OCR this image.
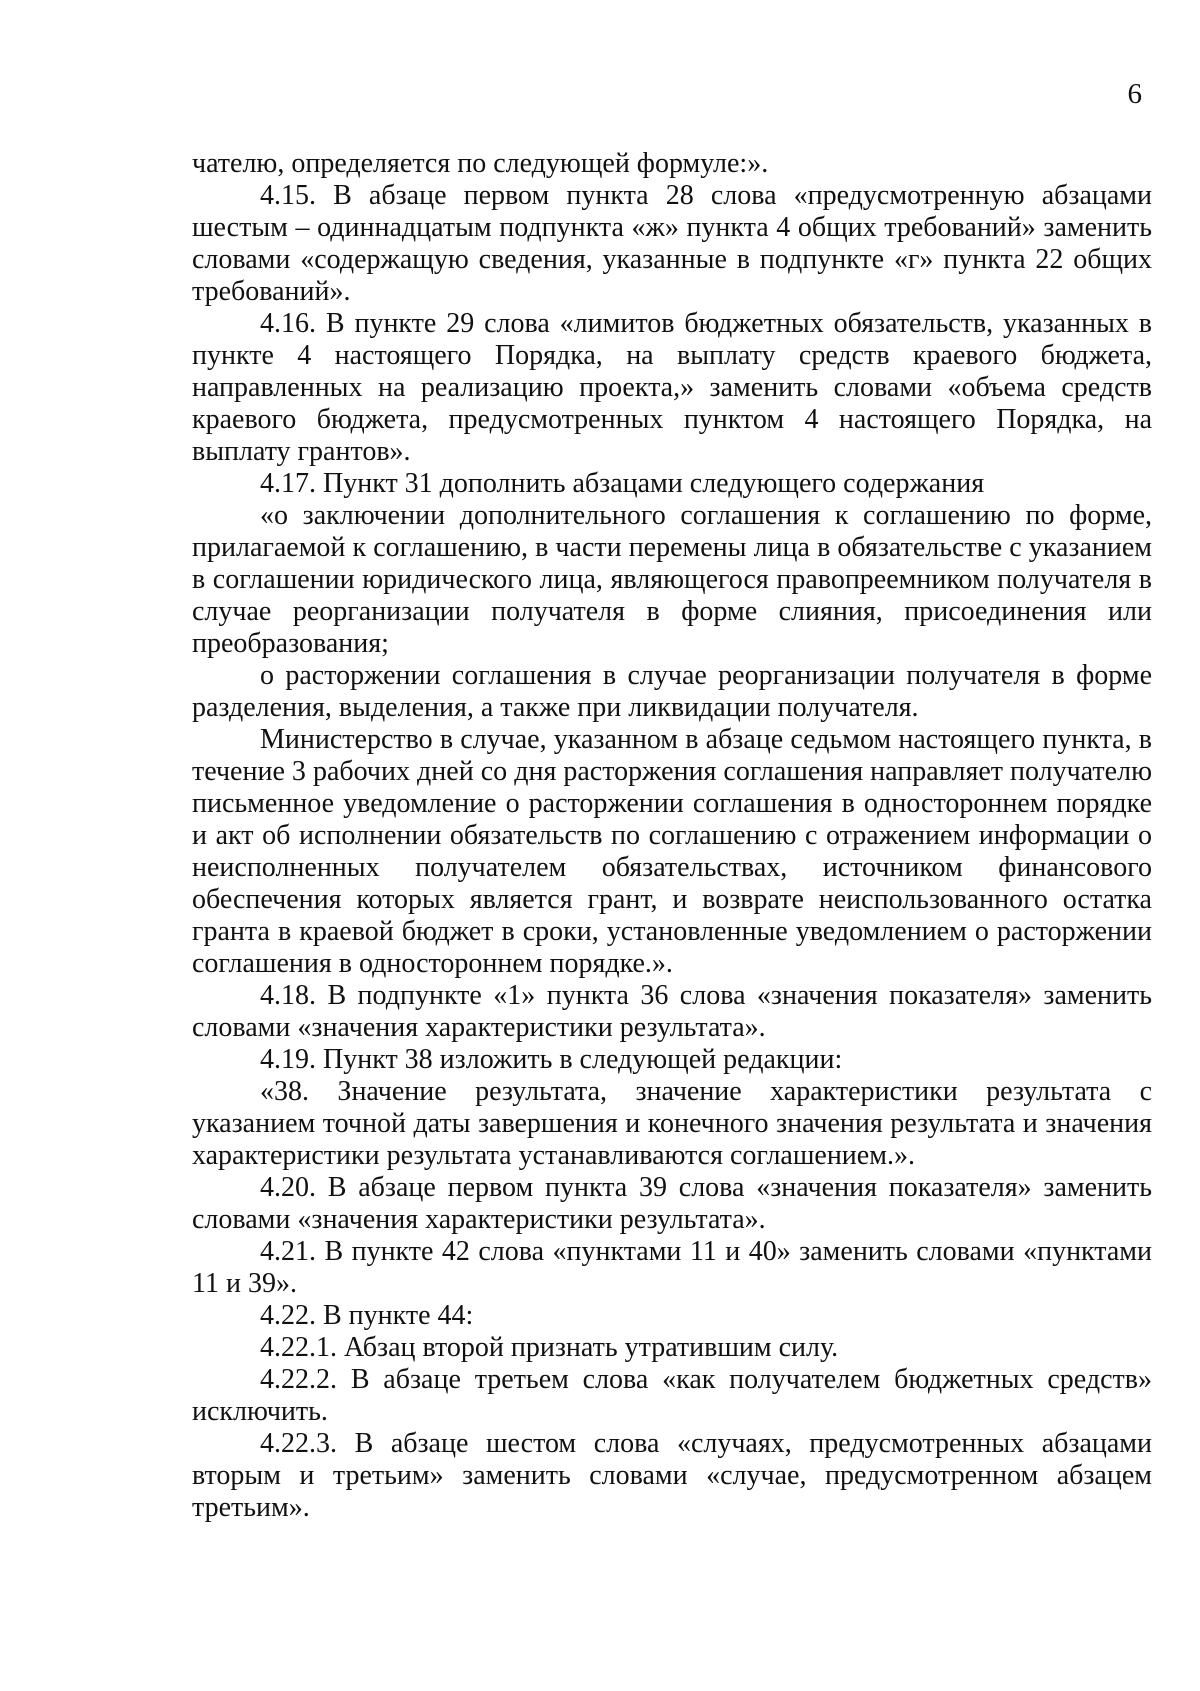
6

чателю, определяется по следующей формуле:».

4.15. В абзаце первом пункта 28 слова «предусмотренную абзацами шестым – одиннадцатым подпункта «ж» пункта 4 общих требований» заменить словами «содержащую сведения, указанные в подпункте «г» пункта 22 общих требований».

4.16. В пункте 29 слова «лимитов бюджетных обязательств, указанных в пункте 4 настоящего Порядка, на выплату средств краевого бюджета, направленных на реализацию проекта,» заменить словами «объема средств краевого бюджета, предусмотренных пунктом 4 настоящего Порядка, на выплату грантов».

4.17. Пункт 31 дополнить абзацами следующего содержания

«о заключении дополнительного соглашения к соглашению по форме, прилагаемой к соглашению, в части перемены лица в обязательстве с указанием в соглашении юридического лица, являющегося правопреемником получателя в случае реорганизации получателя в форме слияния, присоединения или преобразования;

о расторжении соглашения в случае реорганизации получателя в форме разделения, выделения, а также при ликвидации получателя.

Министерство в случае, указанном в абзаце седьмом настоящего пункта, в течение 3 рабочих дней со дня расторжения соглашения направляет получателю письменное уведомление о расторжении соглашения в одностороннем порядке и акт об исполнении обязательств по соглашению с отражением информации о неисполненных получателем обязательствах, источником финансового обеспечения которых является грант, и возврате неиспользованного остатка гранта в краевой бюджет в сроки, установленные уведомлением о расторжении соглашения в одностороннем порядке.».

4.18. В подпункте «1» пункта 36 слова «значения показателя» заменить словами «значения характеристики результата».

4.19. Пункт 38 изложить в следующей редакции:

«38. Значение результата, значение характеристики результата с указанием точной даты завершения и конечного значения результата и значения характеристики результата устанавливаются соглашением.».

4.20. В абзаце первом пункта 39 слова «значения показателя» заменить словами «значения характеристики результата».

4.21. В пункте 42 слова «пунктами 11 и 40» заменить словами «пунктами 11 и 39».

4.22. В пункте 44:

4.22.1. Абзац второй признать утратившим силу.

4.22.2. В абзаце третьем слова «как получателем бюджетных средств» исключить.

4.22.3. В абзаце шестом слова «случаях, предусмотренных абзацами вторым и третьим» заменить словами «случае, предусмотренном абзацем третьим».
